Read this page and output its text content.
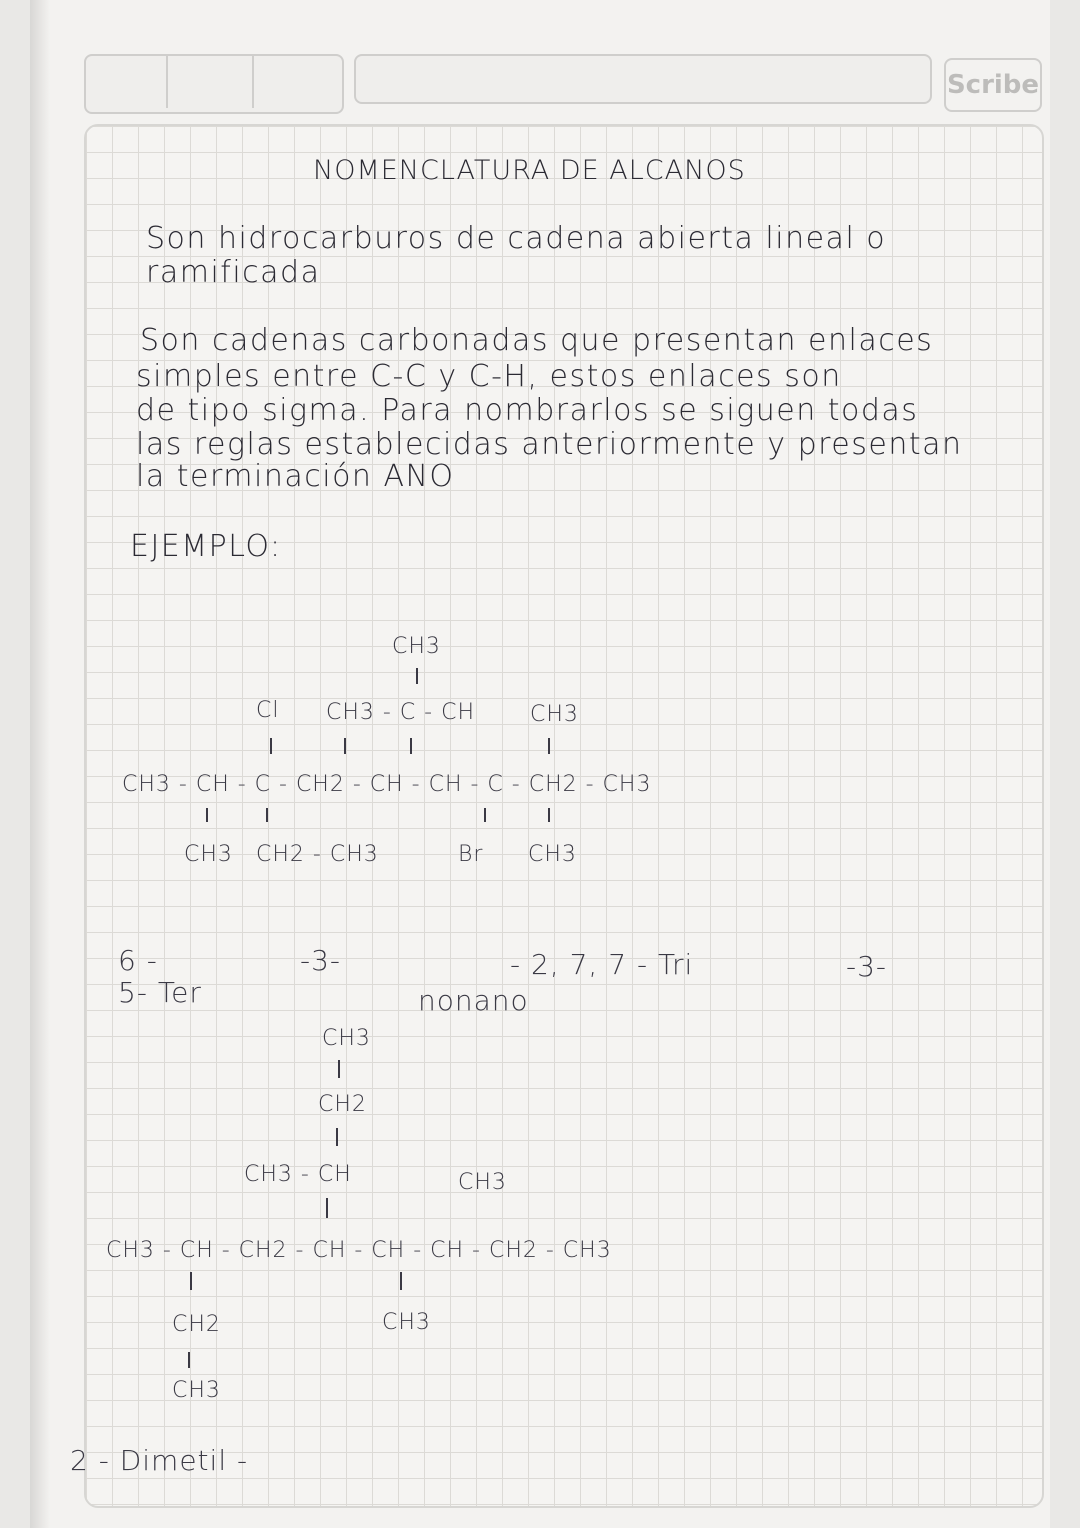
Scribe
NOMENCLATURA DE ALCANOS
Son hidrocarburos de cadena abierta lineal o
ramificada
Son cadenas carbonadas que presentan enlaces
simples entre C-C y C-H, estos enlaces son
de tipo sigma. Para nombrarlos se siguen todas
las reglas establecidas anteriormente y presentan
la terminación ANO
EJEMPLO:
CH3
Cl CH3 - C - CH CH3
CH3 - CH - C - CH2 - CH - CH - C - CH2 - CH3
CH3 CH2 - CH3	Br CH3
6 -	-3-	- 2, 7, 7 - Tri	-3-
5- Ter	nonano
CH3
CH2
CH3 - CH	CH3
CH3 - CH - CH2 - CH - CH - CH - CH2 - CH3
CH2	CH3
CH3
2 - Dimetil -
